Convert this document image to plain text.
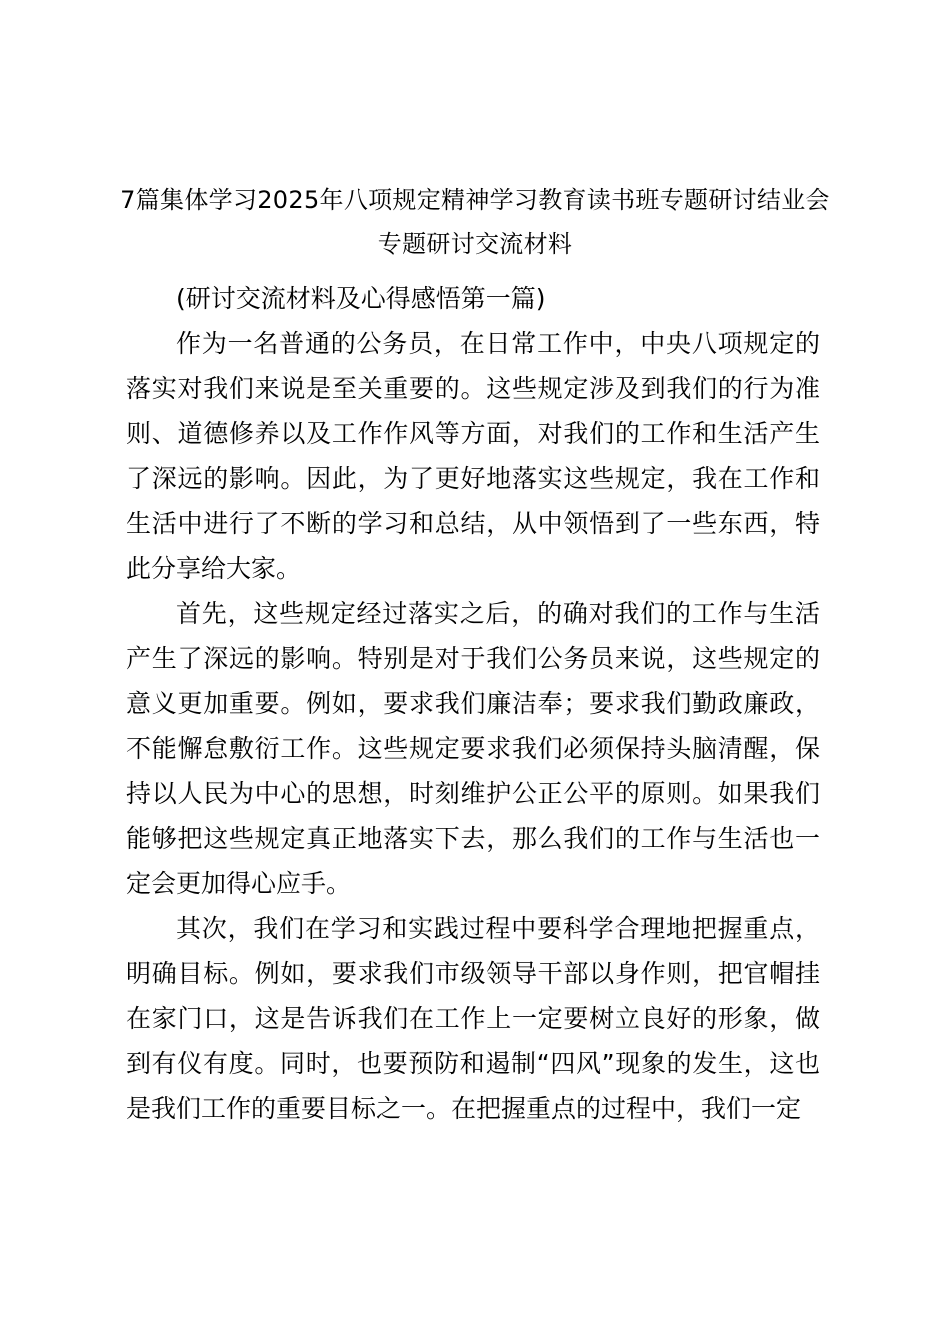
7篇集体学习2025年八项规定精神学习教育读书班专题研讨结业会专题研讨交流材料
(研讨交流材料及心得感悟第一篇)

作为一名普通的公务员，在日常工作中，中央八项规定的落实对我们来说是至关重要的。这些规定涉及到我们的行为准则、道德修养以及工作作风等方面，对我们的工作和生活产生了深远的影响。因此，为了更好地落实这些规定，我在工作和生活中进行了不断的学习和总结，从中领悟到了一些东西，特此分享给大家。

首先，这些规定经过落实之后，的确对我们的工作与生活产生了深远的影响。特别是对于我们公务员来说，这些规定的意义更加重要。例如，要求我们廉洁奉；要求我们勤政廉政，不能懈怠敷衍工作。这些规定要求我们必须保持头脑清醒，保持以人民为中心的思想，时刻维护公正公平的原则。如果我们能够把这些规定真正地落实下去，那么我们的工作与生活也一定会更加得心应手。

其次，我们在学习和实践过程中要科学合理地把握重点，明确目标。例如，要求我们市级领导干部以身作则，把官帽挂在家门口，这是告诉我们在工作上一定要树立良好的形象，做到有仪有度。同时，也要预防和遏制“四风”现象的发生，这也是我们工作的重要目标之一。在把握重点的过程中，我们一定
